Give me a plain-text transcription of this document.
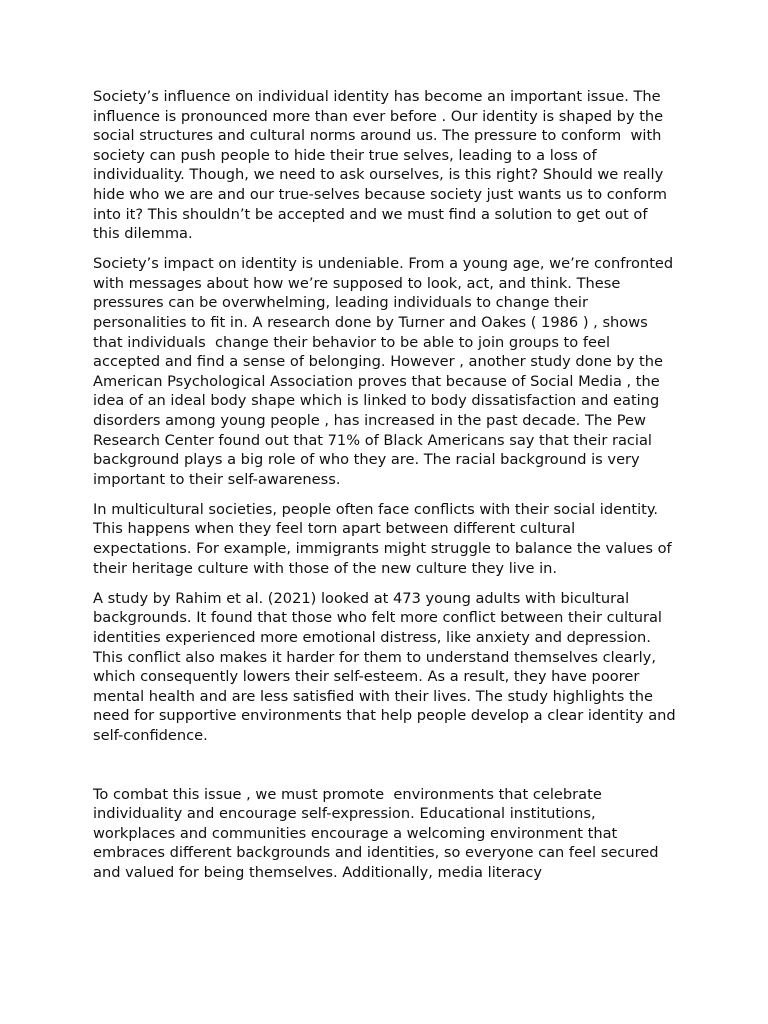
Society’s influence on individual identity has become an important issue. The influence is pronounced more than ever before . Our identity is shaped by the social structures and cultural norms around us. The pressure to conform  with society can push people to hide their true selves, leading to a loss of individuality. Though, we need to ask ourselves, is this right? Should we really hide who we are and our true-selves because society just wants us to conform into it? This shouldn’t be accepted and we must find a solution to get out of this dilemma.

Society’s impact on identity is undeniable. From a young age, we’re confronted with messages about how we’re supposed to look, act, and think. These pressures can be overwhelming, leading individuals to change their personalities to fit in. A research done by Turner and Oakes ( 1986 ) , shows that individuals  change their behavior to be able to join groups to feel accepted and find a sense of belonging. However , another study done by the American Psychological Association proves that because of Social Media , the idea of an ideal body shape which is linked to body dissatisfaction and eating disorders among young people , has increased in the past decade. The Pew Research Center found out that 71% of Black Americans say that their racial background plays a big role of who they are. The racial background is very important to their self-awareness.

In multicultural societies, people often face conflicts with their social identity. This happens when they feel torn apart between different cultural expectations. For example, immigrants might struggle to balance the values of their heritage culture with those of the new culture they live in.

A study by Rahim et al. (2021) looked at 473 young adults with bicultural backgrounds. It found that those who felt more conflict between their cultural identities experienced more emotional distress, like anxiety and depression. This conflict also makes it harder for them to understand themselves clearly, which consequently lowers their self-esteem. As a result, they have poorer mental health and are less satisfied with their lives. The study highlights the need for supportive environments that help people develop a clear identity and self-confidence.

To combat this issue , we must promote  environments that celebrate individuality and encourage self-expression. Educational institutions, workplaces and communities encourage a welcoming environment that embraces different backgrounds and identities, so everyone can feel secured and valued for being themselves. Additionally, media literacy
